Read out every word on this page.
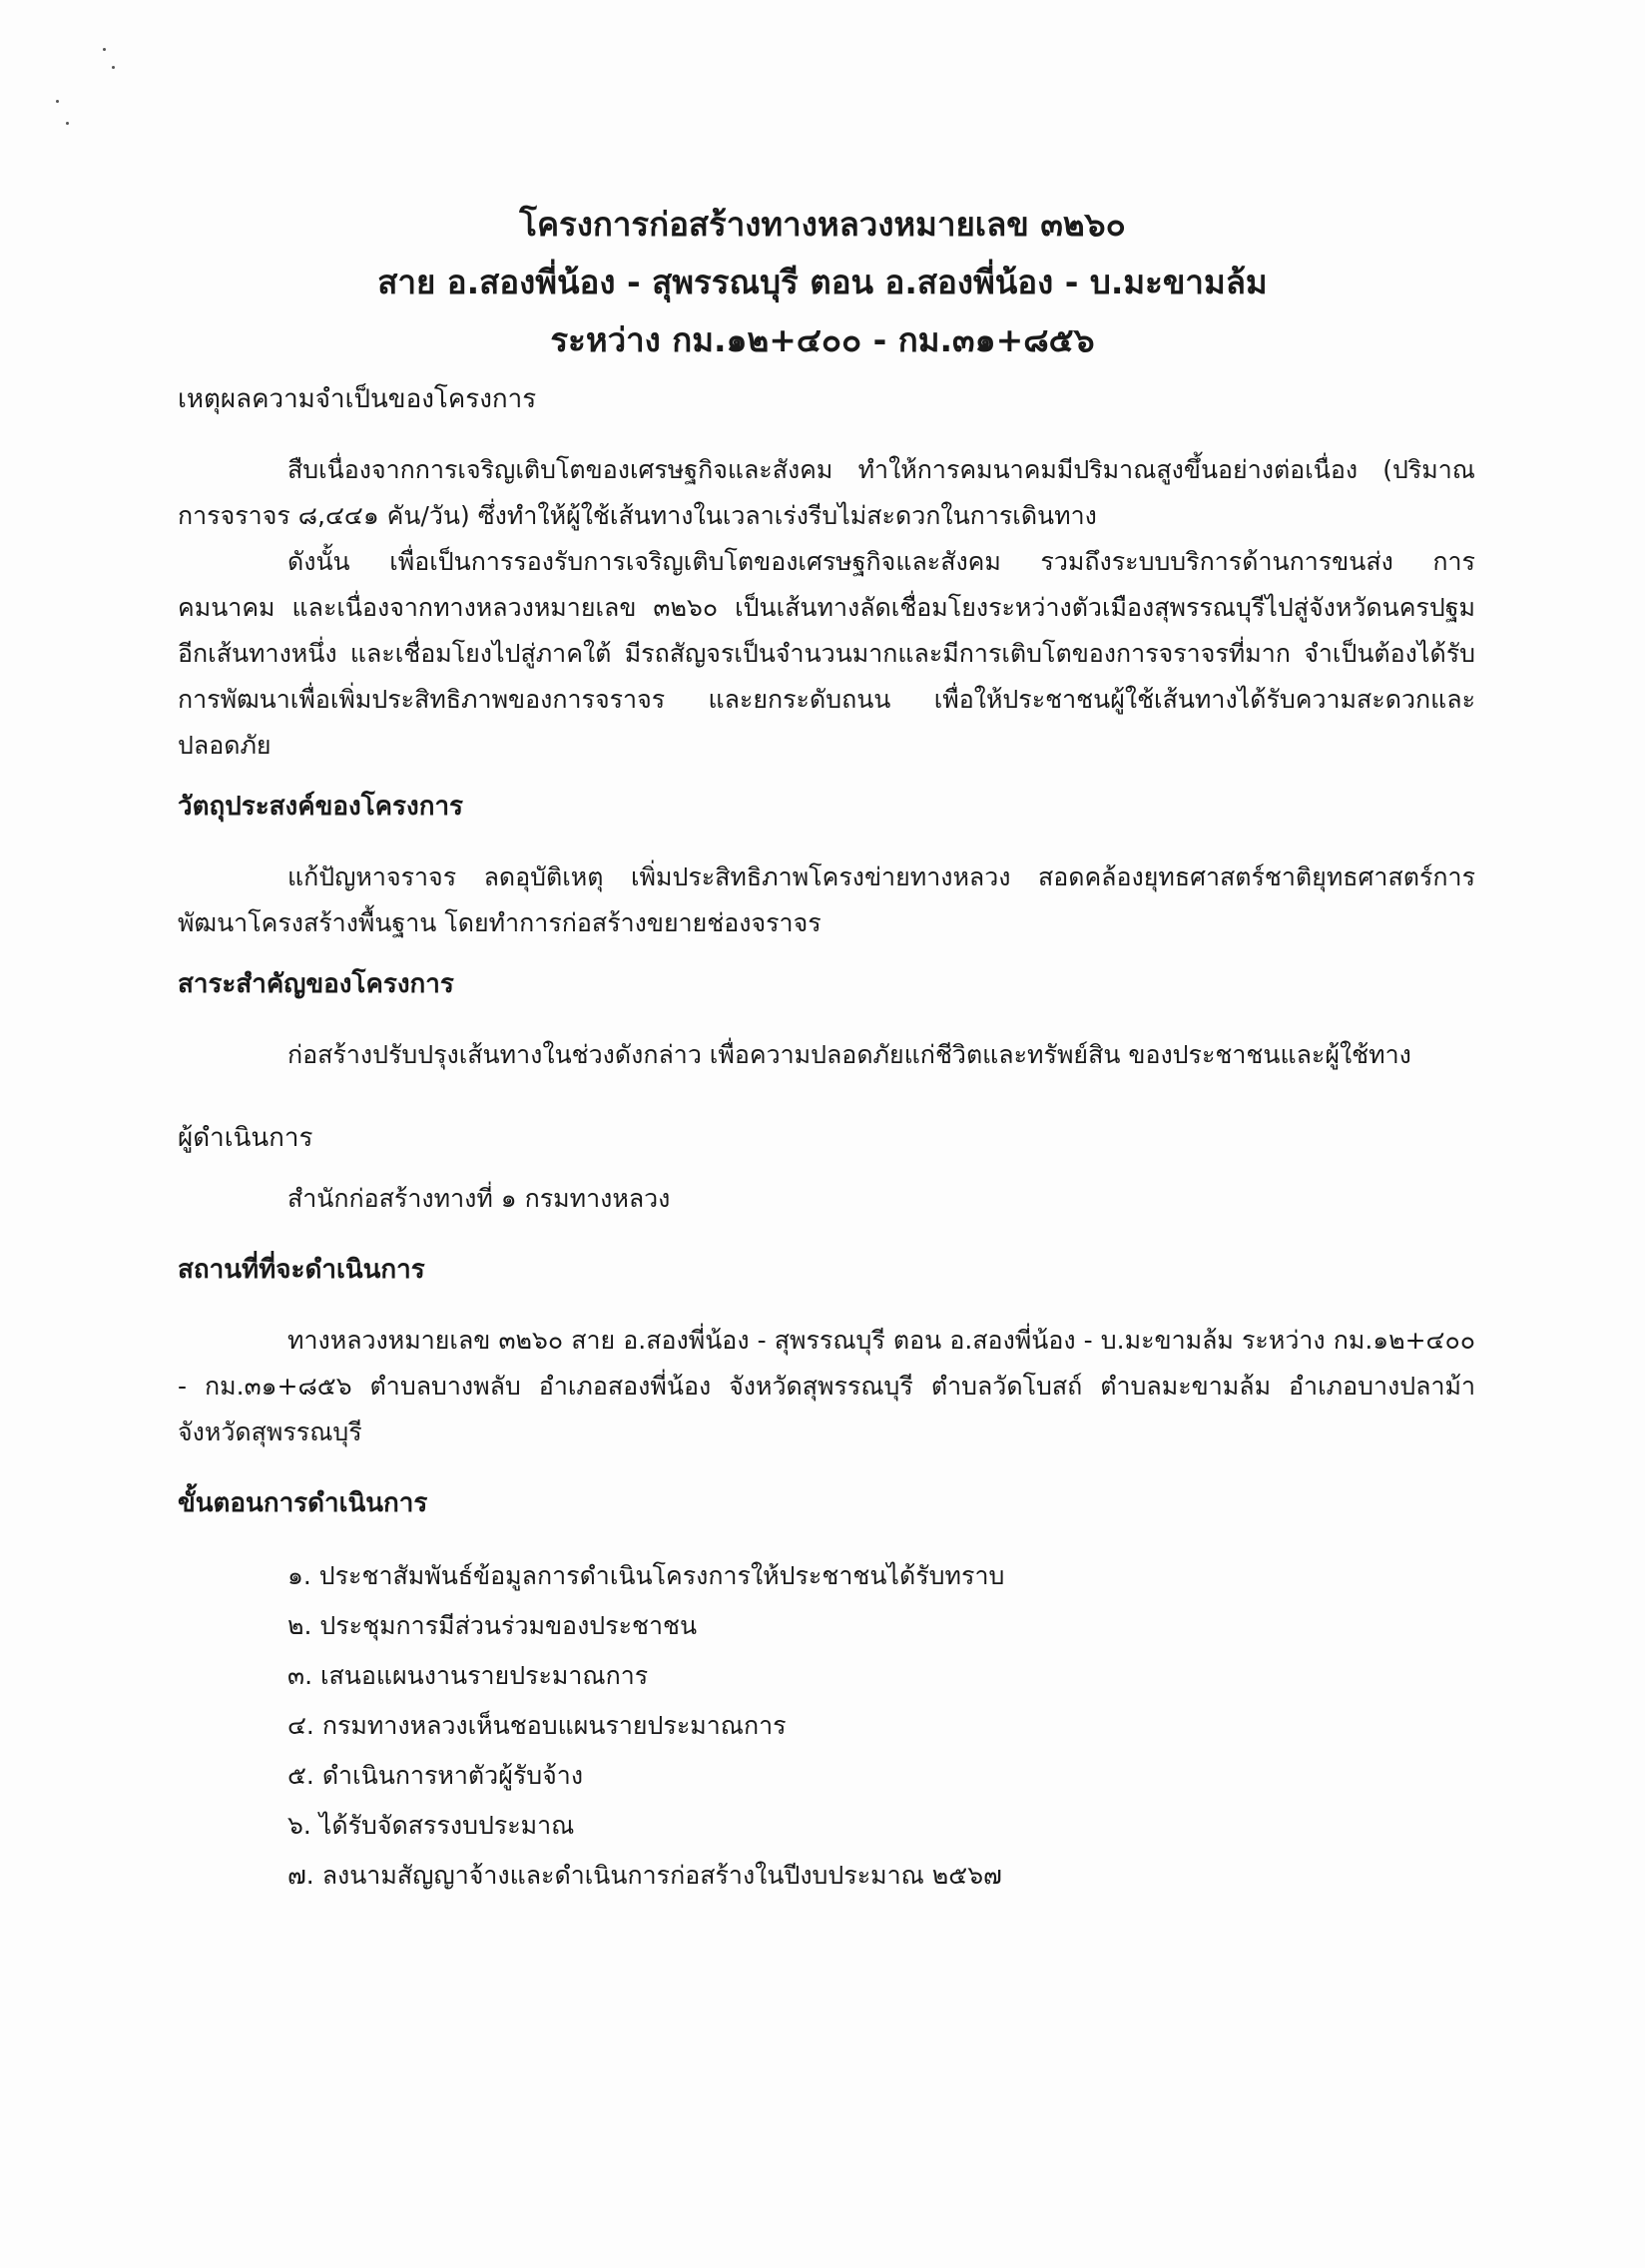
โครงการก่อสร้างทางหลวงหมายเลข ๓๒๖๐
สาย อ.สองพี่น้อง - สุพรรณบุรี ตอน อ.สองพี่น้อง - บ.มะขามล้ม
ระหว่าง กม.๑๒+๔๐๐ - กม.๓๑+๘๕๖
เหตุผลความจำเป็นของโครงการ

สืบเนื่องจากการเจริญเติบโตของเศรษฐกิจและสังคม ทำให้การคมนาคมมีปริมาณสูงขึ้นอย่างต่อเนื่อง (ปริมาณการจราจร ๘,๔๔๑ คัน/วัน) ซึ่งทำให้ผู้ใช้เส้นทางในเวลาเร่งรีบไม่สะดวกในการเดินทาง

ดังนั้น เพื่อเป็นการรองรับการเจริญเติบโตของเศรษฐกิจและสังคม รวมถึงระบบบริการด้านการขนส่ง การคมนาคม และเนื่องจากทางหลวงหมายเลข ๓๒๖๐ เป็นเส้นทางลัดเชื่อมโยงระหว่างตัวเมืองสุพรรณบุรีไปสู่จังหวัดนครปฐมอีกเส้นทางหนึ่ง และเชื่อมโยงไปสู่ภาคใต้ มีรถสัญจรเป็นจำนวนมากและมีการเติบโตของการจราจรที่มาก จำเป็นต้องได้รับการพัฒนาเพื่อเพิ่มประสิทธิภาพของการจราจร และยกระดับถนน เพื่อให้ประชาชนผู้ใช้เส้นทางได้รับความสะดวกและปลอดภัย

วัตถุประสงค์ของโครงการ

แก้ปัญหาจราจร ลดอุบัติเหตุ เพิ่มประสิทธิภาพโครงข่ายทางหลวง สอดคล้องยุทธศาสตร์ชาติยุทธศาสตร์การพัฒนาโครงสร้างพื้นฐาน โดยทำการก่อสร้างขยายช่องจราจร

สาระสำคัญของโครงการ

ก่อสร้างปรับปรุงเส้นทางในช่วงดังกล่าว เพื่อความปลอดภัยแก่ชีวิตและทรัพย์สิน ของประชาชนและผู้ใช้ทาง

ผู้ดำเนินการ

สำนักก่อสร้างทางที่ ๑ กรมทางหลวง

สถานที่ที่จะดำเนินการ

ทางหลวงหมายเลข ๓๒๖๐ สาย อ.สองพี่น้อง - สุพรรณบุรี ตอน อ.สองพี่น้อง - บ.มะขามล้ม ระหว่าง กม.๑๒+๔๐๐ - กม.๓๑+๘๕๖ ตำบลบางพลับ อำเภอสองพี่น้อง จังหวัดสุพรรณบุรี ตำบลวัดโบสถ์ ตำบลมะขามล้ม อำเภอบางปลาม้า จังหวัดสุพรรณบุรี

ขั้นตอนการดำเนินการ
๑. ประชาสัมพันธ์ข้อมูลการดำเนินโครงการให้ประชาชนได้รับทราบ
๒. ประชุมการมีส่วนร่วมของประชาชน
๓. เสนอแผนงานรายประมาณการ
๔. กรมทางหลวงเห็นชอบแผนรายประมาณการ
๕. ดำเนินการหาตัวผู้รับจ้าง
๖. ได้รับจัดสรรงบประมาณ
๗. ลงนามสัญญาจ้างและดำเนินการก่อสร้างในปีงบประมาณ ๒๕๖๗
